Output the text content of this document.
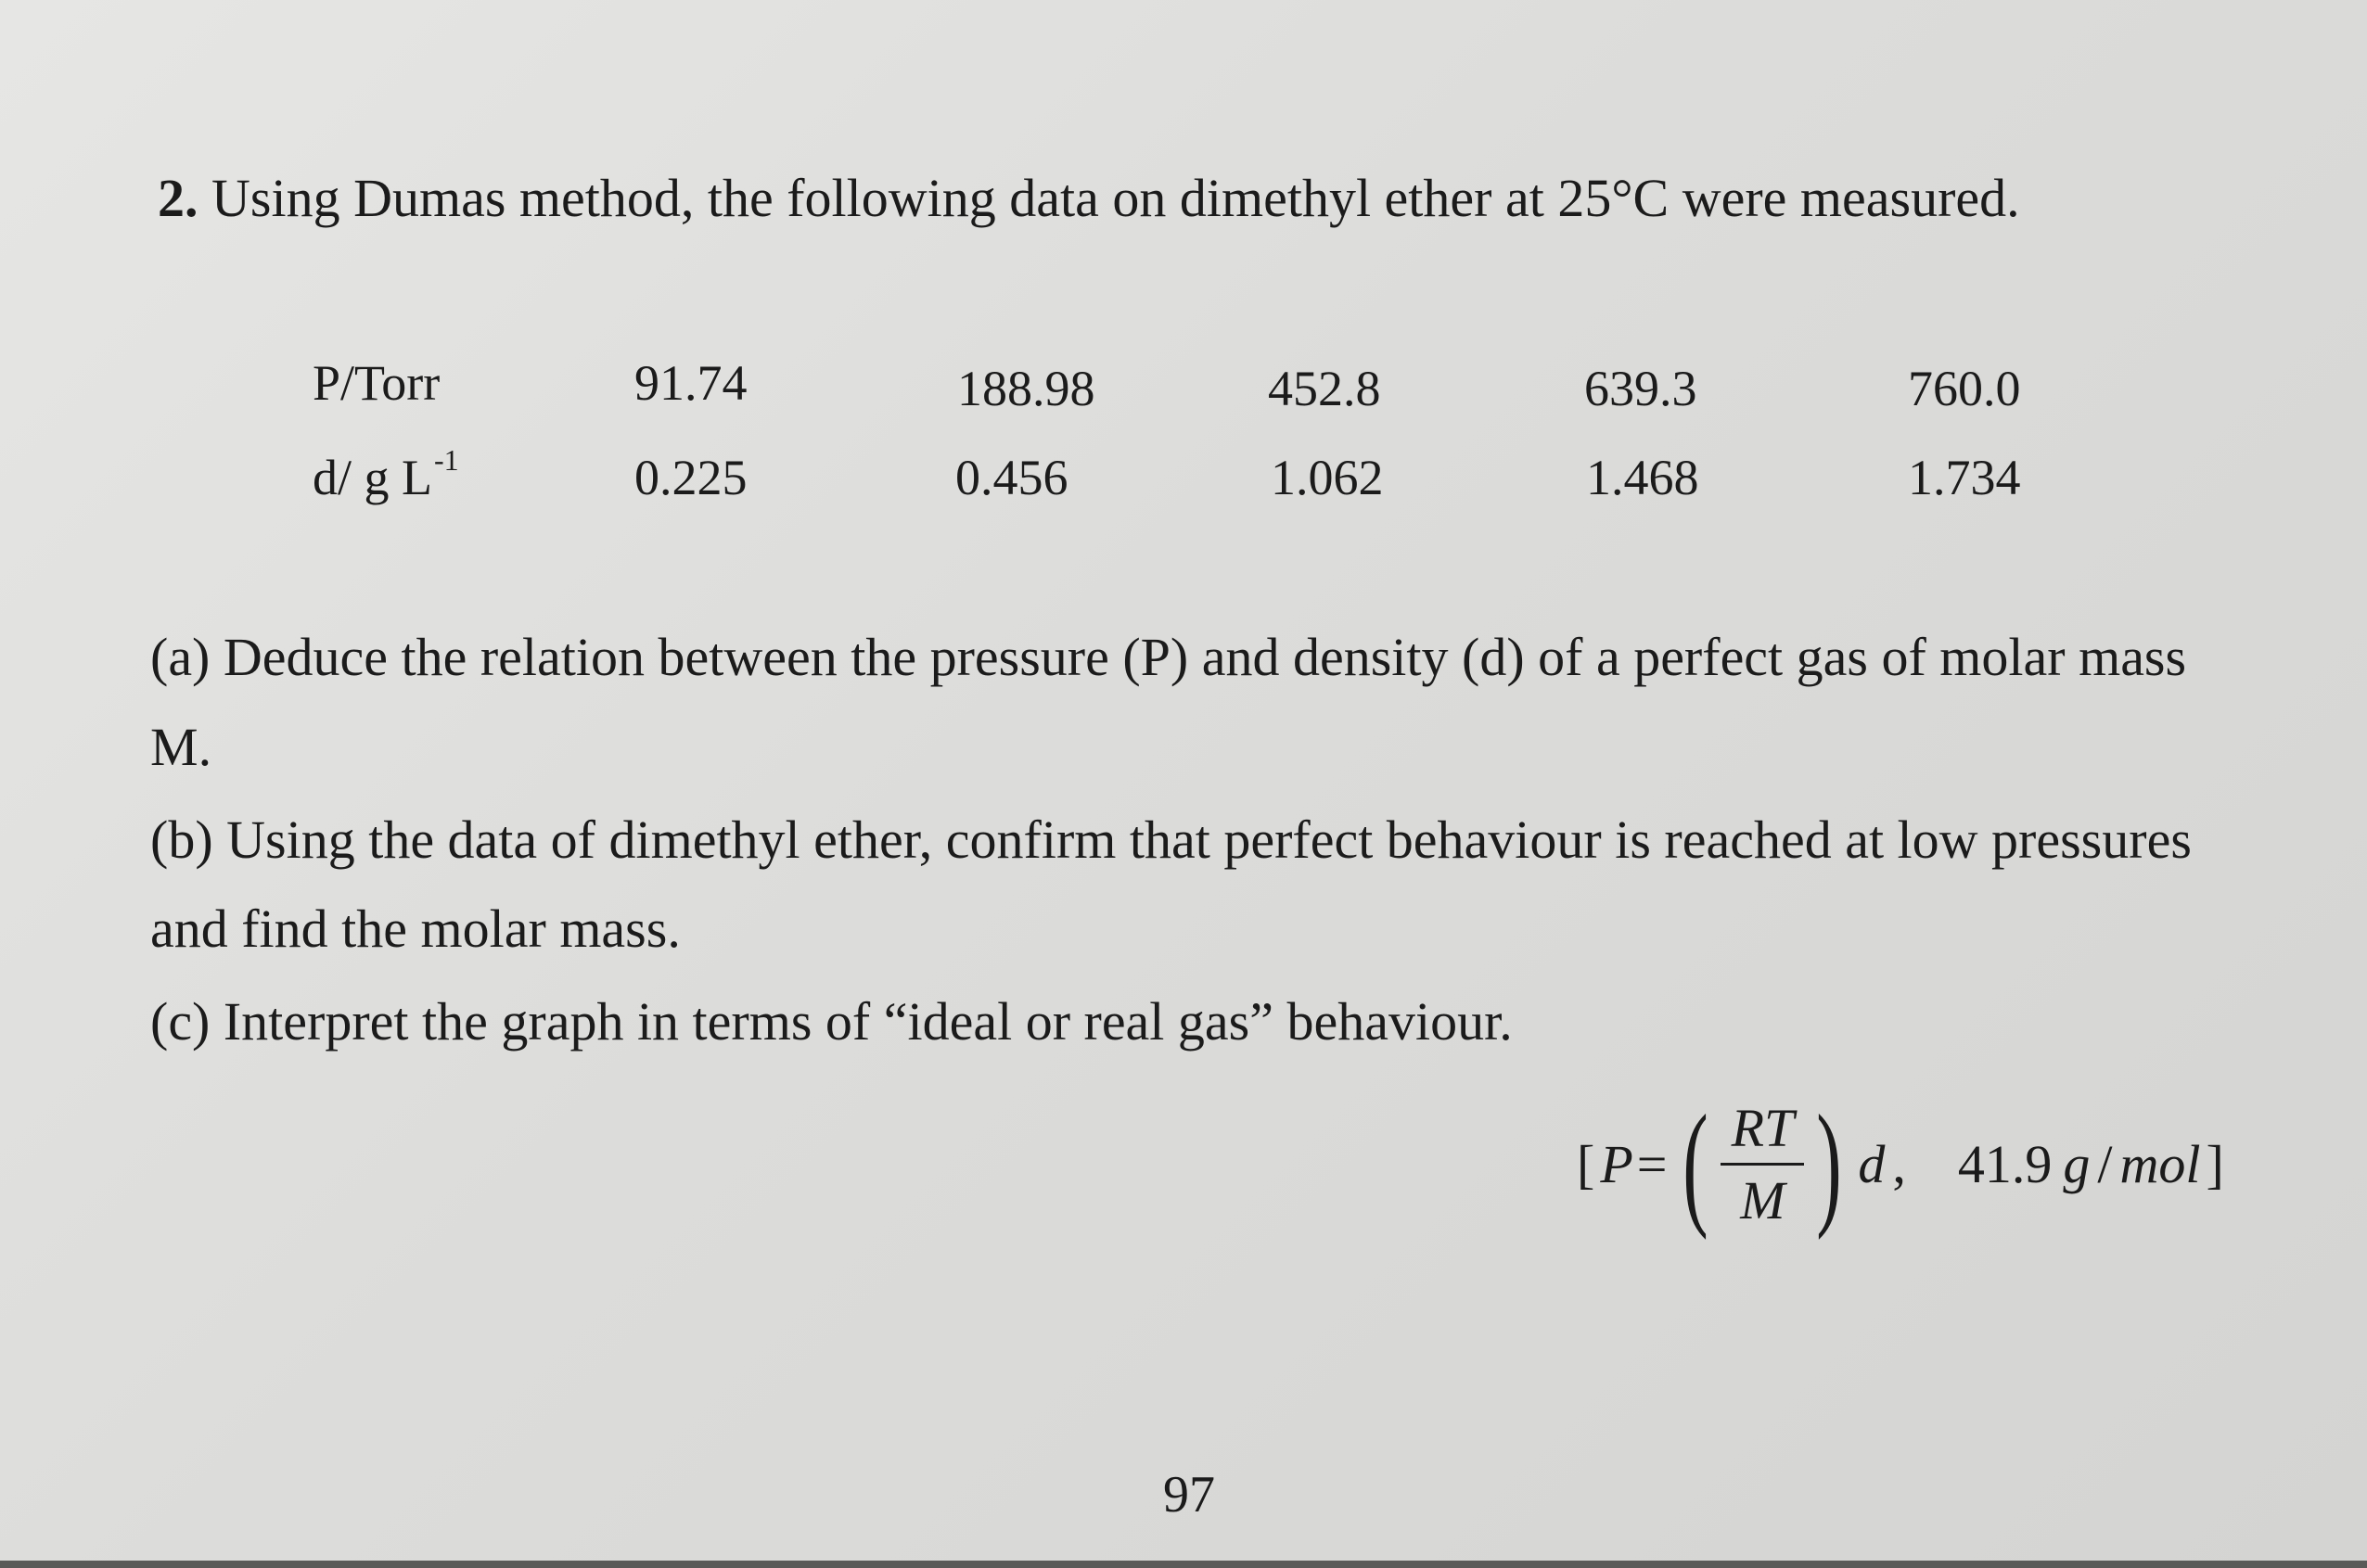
2. Using Dumas method, the following data on dimethyl ether at 25°C were measured.
P/Torr	91.74	188.98	452.8	639.3	760.0
d/ g $L^{-1}$	0.225	0.456	1.062	1.468	1.734
(a) Deduce the relation between the pressure (P) and density (d) of a perfect gas of molar mass
M.
(b) Using the data of dimethyl ether, confirm that perfect behaviour is reached at low pressures
and find the molar mass.
(c) Interpret the graph in terms of “ideal or real gas” behaviour.
[ P = ( $\frac{RT}{M}$ ) d , 41.9 g / mol ]
97
